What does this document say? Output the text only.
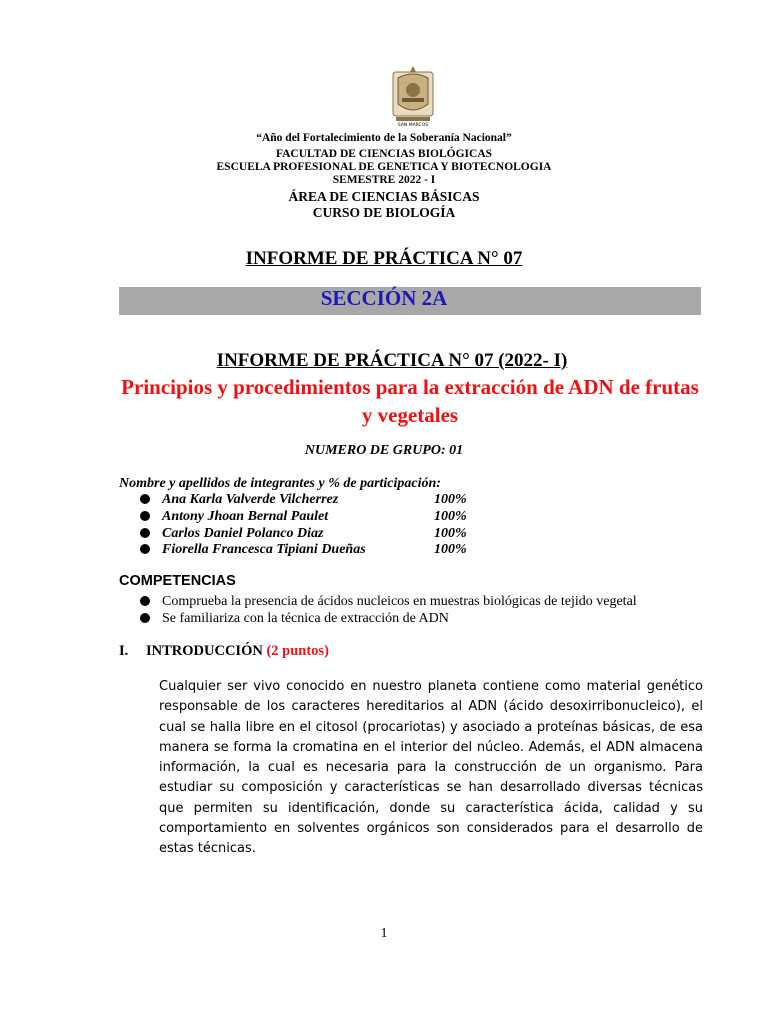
SAN MARCOS
“Año del Fortalecimiento de la Soberanía Nacional”
FACULTAD DE CIENCIAS BIOLÓGICAS
ESCUELA PROFESIONAL DE GENETICA Y BIOTECNOLOGIA
SEMESTRE 2022 - I
ÁREA DE CIENCIAS BÁSICAS
CURSO DE BIOLOGÍA
INFORME DE PRÁCTICA N° 07
SECCIÓN 2A
INFORME DE PRÁCTICA N° 07 (2022- I)
Principios y procedimientos para la extracción de ADN de frutas y vegetales
NUMERO DE GRUPO: 01
Nombre y apellidos de integrantes y % de participación:
Ana Karla Valverde Vilcherrez	100%
Antony Jhoan Bernal Paulet	100%
Carlos Daniel Polanco Diaz	100%
Fiorella Francesca Tipiani Dueñas	100%
COMPETENCIAS
Comprueba la presencia de ácidos nucleicos en muestras biológicas de tejido vegetal
Se familiariza con la técnica de extracción de ADN
I. INTRODUCCIÓN (2 puntos)
Cualquier ser vivo conocido en nuestro planeta contiene como material genético responsable de los caracteres hereditarios al ADN (ácido desoxirribonucleico), el cual se halla libre en el citosol (procariotas) y asociado a proteínas básicas, de esa manera se forma la cromatina en el interior del núcleo. Además, el ADN almacena información, la cual es necesaria para la construcción de un organismo. Para estudiar su composición y características se han desarrollado diversas técnicas que permiten su identificación, donde su característica ácida, calidad y su comportamiento en solventes orgánicos son considerados para el desarrollo de estas técnicas.
1
